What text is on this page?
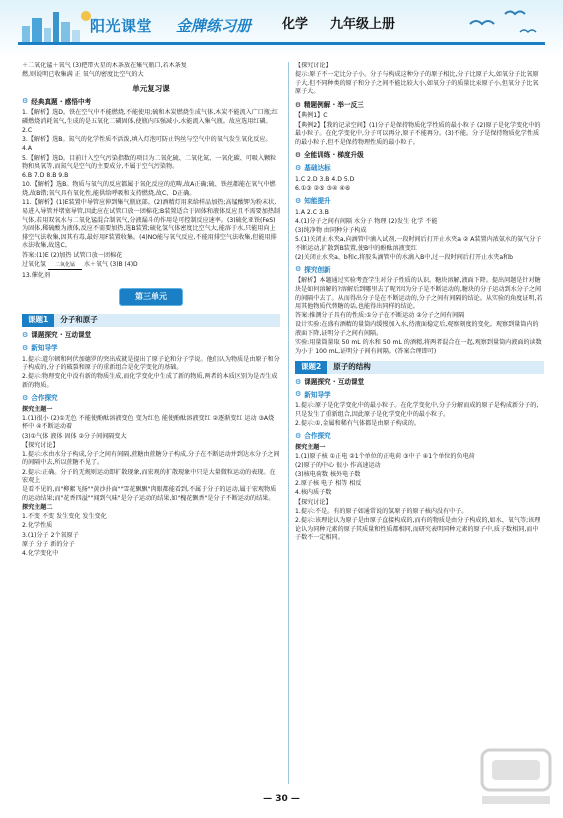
阳光课堂 金牌练习册 化学 九年级上册

＋二氧化锰＋氧气 (3)把带火星的木条放在集气瓶口,若木条复

燃,则说明已收集满 正 氧气的密度比空气的大

单元复习课
⚙ 经典真题 · 感悟中考

1.【解析】选D。铁在空气中不能燃烧,不能使用;硫和木炭燃烧生成气体,木炭不能流入广口瓶;红磷燃烧消耗氧气,生成的是五氧化二磷固体,使瓶内压强减小,水能流入集气瓶。故应选用红磷。

2.C

3.【解析】选B。氮气的化学性质不活泼,填入灯泡可防止钨丝与空气中的氧气发生氧化反应。

4.A

5.【解析】选D。目前计入空气污染指数的项目为二氧化硫、二氧化氮、一氧化碳、可吸入颗粒物和臭氧等,而氮气是空气的主要成分,不属于空气污染物。

6.B 7.D 8.B 9.B

10.【解析】选B。物质与氧气的反应都属于氧化反应的范畴,故A正确;硫、铁丝都能在氧气中燃烧,故B错;氧气具有氧化性,能供给呼吸和支持燃烧,故C、D正确。

11.【解析】(1)E装置中导管应伸到集气瓶底部。(2)酒精灯用来给样品加热;高锰酸钾为粉末状,易进入导管并堵塞导管,因此应在试管口放一团棉花;B装置适合于固体和液体反应且不需要加热制气体,若用双氧水与二氧化锰混合制氧气,分液漏斗的作用是可控制反应速率。(3)硫化亚铁(FeS)为固体,稀硫酸为液体,反应不需要加热,选B装置;硫化氢气体密度比空气大,能溶于水,只能用向上排空气法收集,因其有毒,最好用F装置收集。(4)NO能与氧气反应,不能用排空气法收集,但能用排水法收集,故选C。

答案:(1)E (2)加热 试管口放一团棉花

过氧化氢 二氧化锰 水＋氧气 (3)B (4)D

13.催化剂

第三单元
课题1	分子和原子
⚙ 课题探究 · 互动课堂
⚙ 新知导学

1.提示:道尔顿和阿伏加德罗的突出成就是提出了原子论和分子学说。他们认为物质是由原子和分子构成的,分子的破裂和原子的重新组合是化学变化的基础。

2.提示:物理变化中没有新的物质生成,而化学变化中生成了新的物质,两者的本质区别为是否生成新的物质。

⚙ 合作探究

探究主题一

1.(1)很小 (2)①无色 不能使酚酞溶液变色 变为红色 能使酚酞溶液变红 ②逐渐变红 运动 ③A烧杯中 ④不断运动着

(3)①气体 液体 固体 ②分子间间隔变大

【探究讨论】

1.提示:水由水分子构成,分子之间有间隔,蔗糖由蔗糖分子构成,分子在不断运动并到达水分子之间的间隔中去,所以蔗糖不见了。

2.提示:正确。分子的无规则运动即扩散现象,而宏观的扩散现象中只是大量微粒运动的表现。在宏观上

是看不见的,而"柳絮飞扬""黄沙扑面""雪花飘飘"肉眼都能看到,不属于分子的运动,属于宏观物质的运动结果;而"花香四溢""闻到气味"是分子运动的结果,如"槐花飘香"是分子不断运动的结果。

探究主题二

1.不变 不变 发生变化 发生变化

2.化学性质

3.(1)分子 2个氧原子

原子 分子 新的分子

4.化学变化中

【探究讨论】

提示:原子不一定比分子小。分子与构成这种分子的原子相比,分子比原子大,如氧分子比氧原子大,但不同种类的原子和分子之间不能比较大小,如氧分子的质量比汞原子小,但氧分子比氧原子大。

⚙ 精题例解 · 举一反三

【典例1】C

【典例2】【我的记录空间】(1)分子是保持物质化学性质的最小粒子 (2)原子是化学变化中的最小粒子。在化学变化中,分子可以再分,原子不能再分。(3)不能。分子是保持物质化学性质的最小粒子,但不是保持物理性质的最小粒子。

⚙ 全能训练 · 梯度升级
⚙ 基础达标

1.C 2.D 3.B 4.D 5.D

6.①③ ②⑤ ③④ ④⑥

⚙ 知能提升

1.A 2.C 3.B

4.(1)分子之间有间隔 水分子 物理 (2)发生 化学 不能

(3)纯净物 由同种分子构成

5.(1)关闭止水夹a,向滴管中滴入试剂,一段时间后打开止水夹a ② A装置内浓氨水的氨气分子不断运动,扩散到B装置,使B中的酚酞溶液变红

(2)关闭止水夹a、b和c,将胶头滴管中的水滴入B中,过一段时间后打开止水夹a和b

⚙ 探究创新

【解析】本题通过实验考查学生对分子性质的认识。糖块溶解,液面下降。提出问题是针对糖块是如何溶解的?溶解后到哪里去了呢?因为分子是不断运动的,糖块的分子运动到水分子之间的间隔中去了。从而得出分子是在不断运动的,分子之间有间隔的结论。从实验的角度证明,若用其他物质代替糖的话,也能得出同样的结论。

答案:推测分子具有的性质:①分子在不断运动 ②分子之间有间隔

设计实验:在盛有酒精的量筒内缓慢加入水,待液面稳定后,观察刻度的变化。观察到量筒内的液面下降,证明分子之间有间隔。

实验:用量筒量取 50 mL 的水和 50 mL 的酒精,将两者混合在一起,观察到量筒内液面的读数为小于 100 mL,证明分子间有间隔。(答案合理即可)

课题2	原子的结构
⚙ 课题探究 · 互动课堂
⚙ 新知导学

1.提示:原子是化学变化中的最小粒子。在化学变化中,分子分解而成的原子是构成新分子的,只是发生了重新组合,因此原子是化学变化中的最小粒子。

2.提示:①,金属和稀有气体都是由原子构成的。

⚙ 合作探究

探究主题一

1.(1)原子核 ①正电 ②1个单位的正电荷 ③中子 ④1个单位的负电荷

(2)原子的中心 很小 作高速运动

(3)核电荷数 核外电子数

2.原子核 电子 相等 相反

4.核内质子数

【探究讨论】

1.提示:不是。有的原子如通常说的氢原子的原子核内没有中子。

2.提示:该理论认为原子是由原子直接构成的,而有的物质是由分子构成的,如水、氧气等;该理论认为同种元素的原子其质量和性质都相同,而研究表明同种元素的原子中,质子数相同,而中子数不一定相同。

— 30 —
